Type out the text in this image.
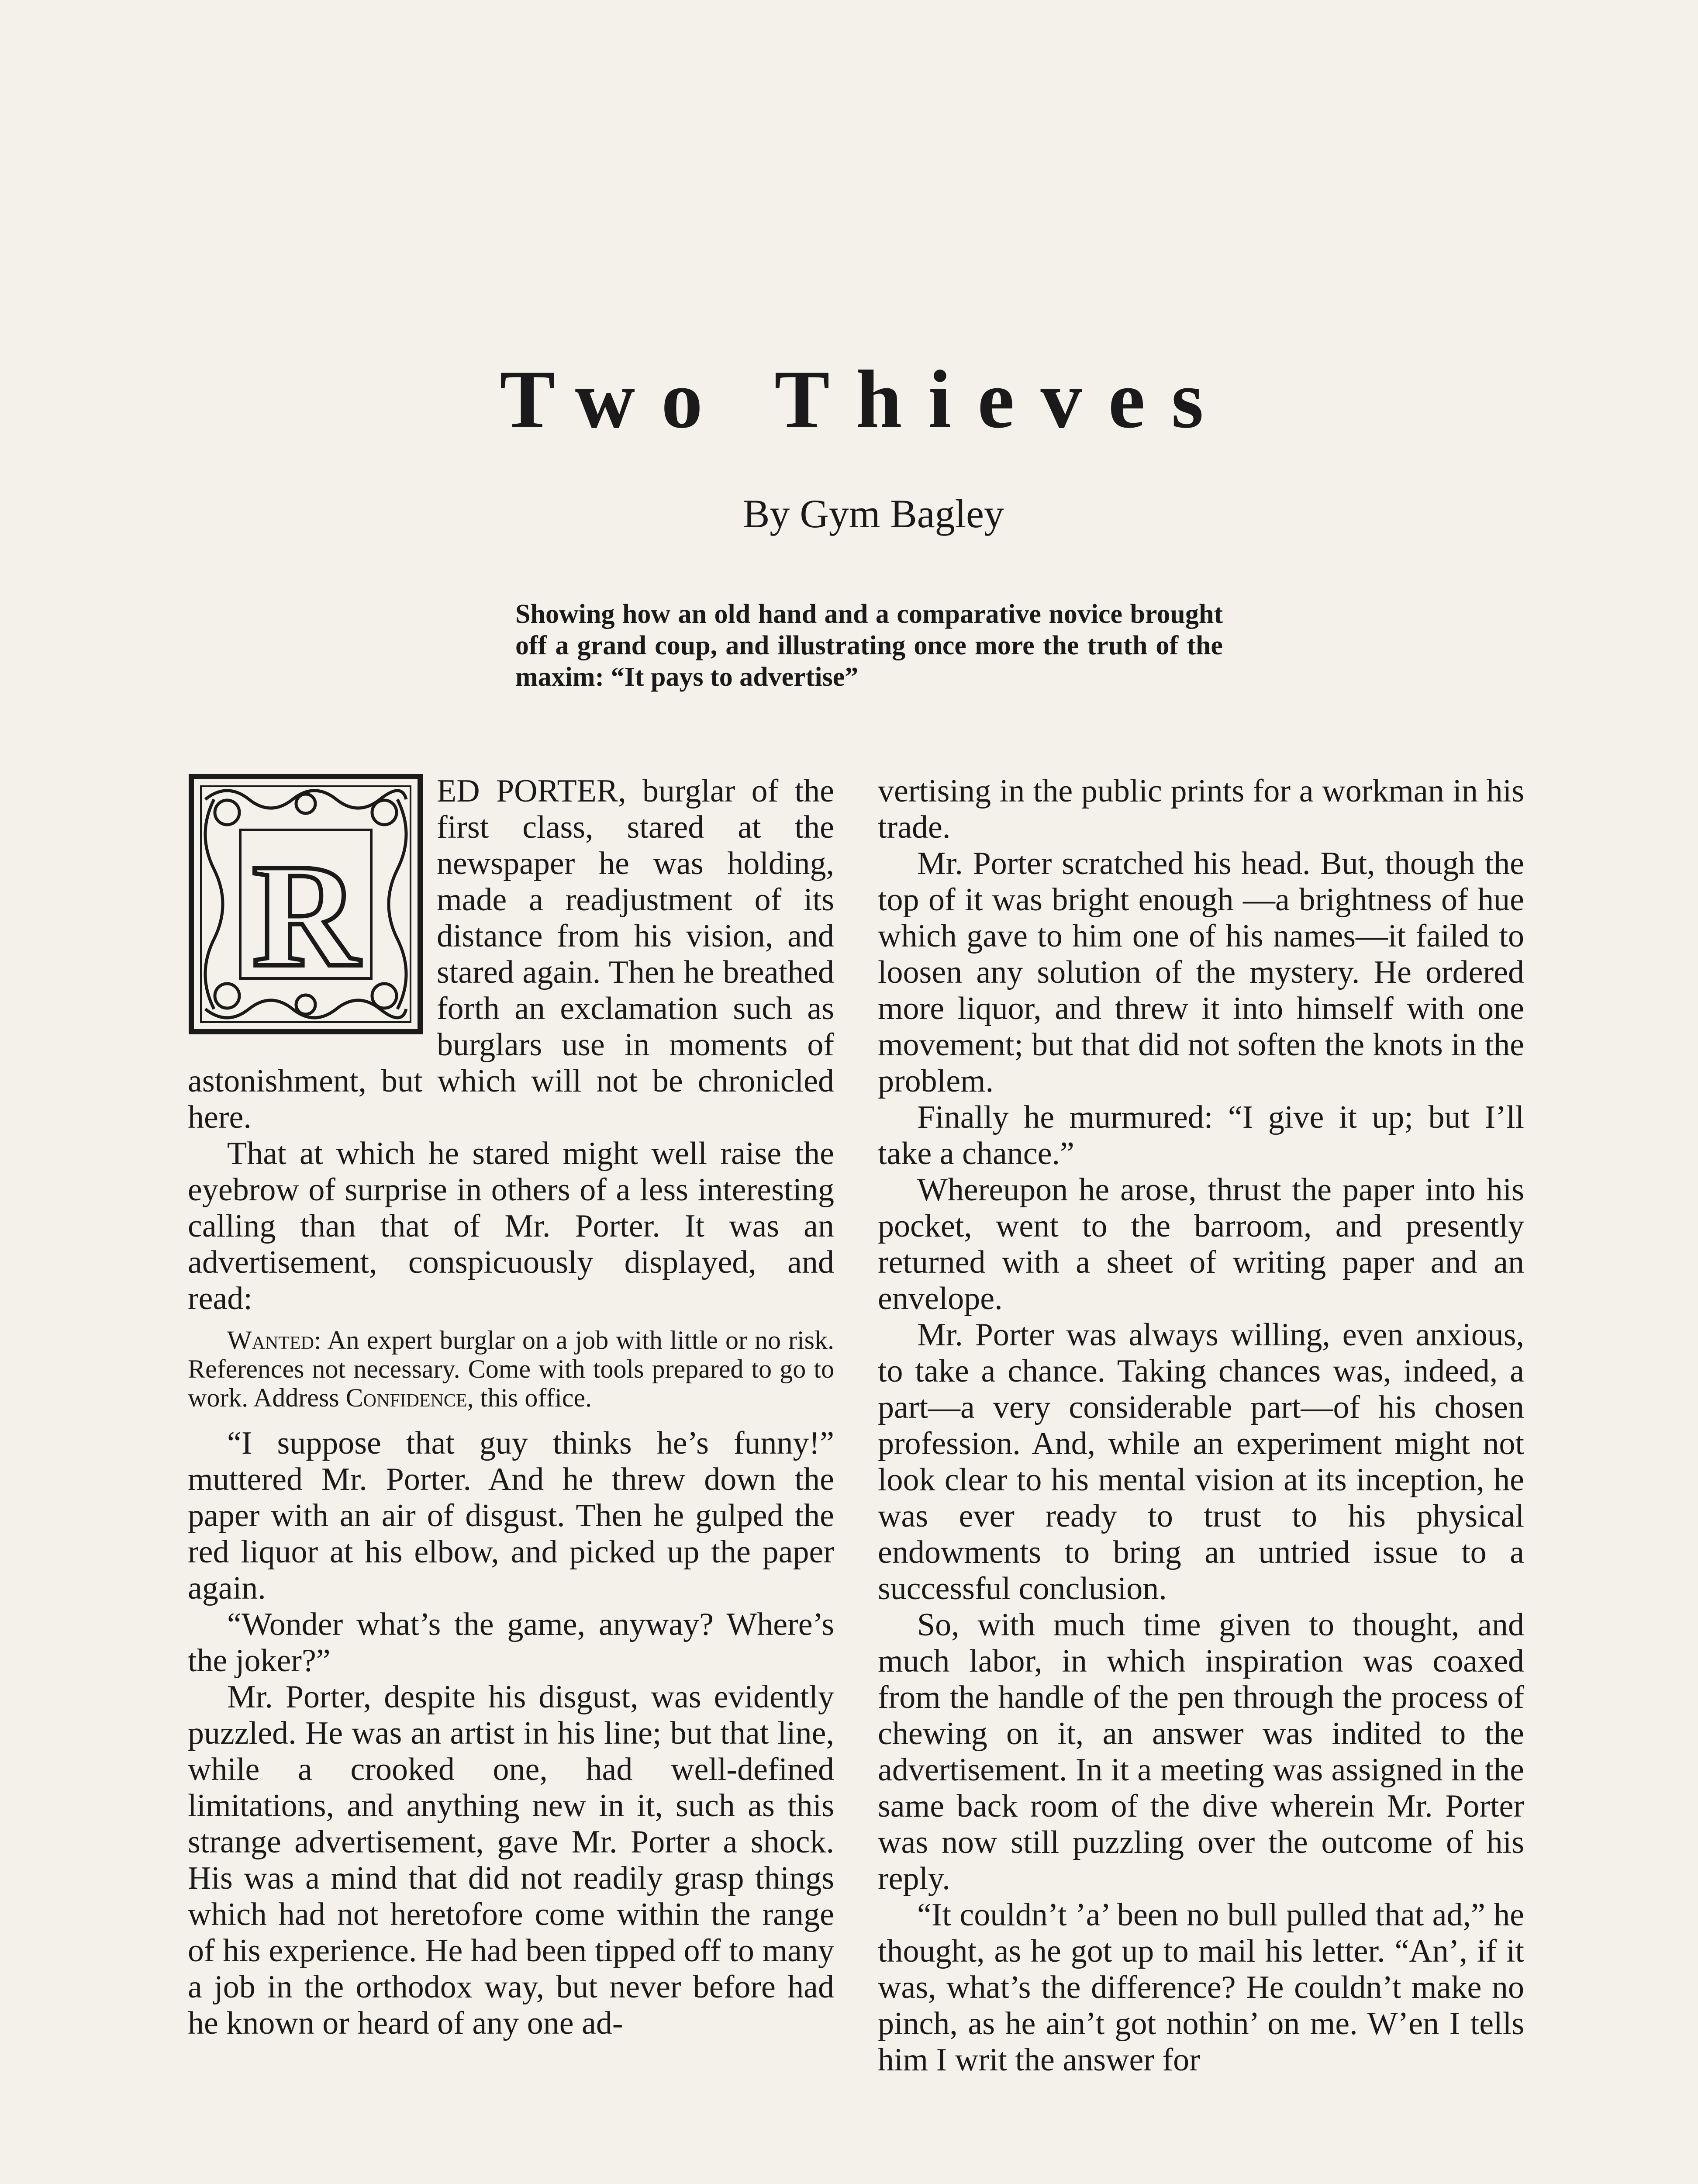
Two Thieves
By Gym Bagley
Showing how an old hand and a comparative novice brought off a grand coup, and illustrating once more the truth of the maxim: “It pays to advertise”
R

ED PORTER, burglar of the first class, stared at the newspaper he was holding, made a readjustment of its distance from his vision, and stared again. Then he breathed forth an exclamation such as burglars use in moments of astonishment, but which will not be chronicled here.

That at which he stared might well raise the eyebrow of surprise in others of a less interesting calling than that of Mr. Porter. It was an advertisement, conspicuously displayed, and read:

Wanted: An expert burglar on a job with little or no risk. References not necessary. Come with tools prepared to go to work. Address Confidence, this office.

“I suppose that guy thinks he’s funny!” muttered Mr. Porter. And he threw down the paper with an air of disgust. Then he gulped the red liquor at his elbow, and picked up the paper again.

“Wonder what’s the game, anyway? Where’s the joker?”

Mr. Porter, despite his disgust, was evidently puzzled. He was an artist in his line; but that line, while a crooked one, had well-defined limitations, and anything new in it, such as this strange advertisement, gave Mr. Porter a shock. His was a mind that did not readily grasp things which had not heretofore come within the range of his experience. He had been tipped off to many a job in the orthodox way, but never before had he known or heard of any one ad-

vertising in the public prints for a workman in his trade.

Mr. Porter scratched his head. But, though the top of it was bright enough —a brightness of hue which gave to him one of his names—it failed to loosen any solution of the mystery. He ordered more liquor, and threw it into himself with one movement; but that did not soften the knots in the problem.

Finally he murmured: “I give it up; but I’ll take a chance.”

Whereupon he arose, thrust the paper into his pocket, went to the barroom, and presently returned with a sheet of writing paper and an envelope.

Mr. Porter was always willing, even anxious, to take a chance. Taking chances was, indeed, a part—a very considerable part—of his chosen profession. And, while an experiment might not look clear to his mental vision at its inception, he was ever ready to trust to his physical endowments to bring an untried issue to a successful conclusion.

So, with much time given to thought, and much labor, in which inspiration was coaxed from the handle of the pen through the process of chewing on it, an answer was indited to the advertisement. In it a meeting was assigned in the same back room of the dive wherein Mr. Porter was now still puzzling over the outcome of his reply.

“It couldn’t ’a’ been no bull pulled that ad,” he thought, as he got up to mail his letter. “An’, if it was, what’s the difference? He couldn’t make no pinch, as he ain’t got nothin’ on me. W’en I tells him I writ the answer for
